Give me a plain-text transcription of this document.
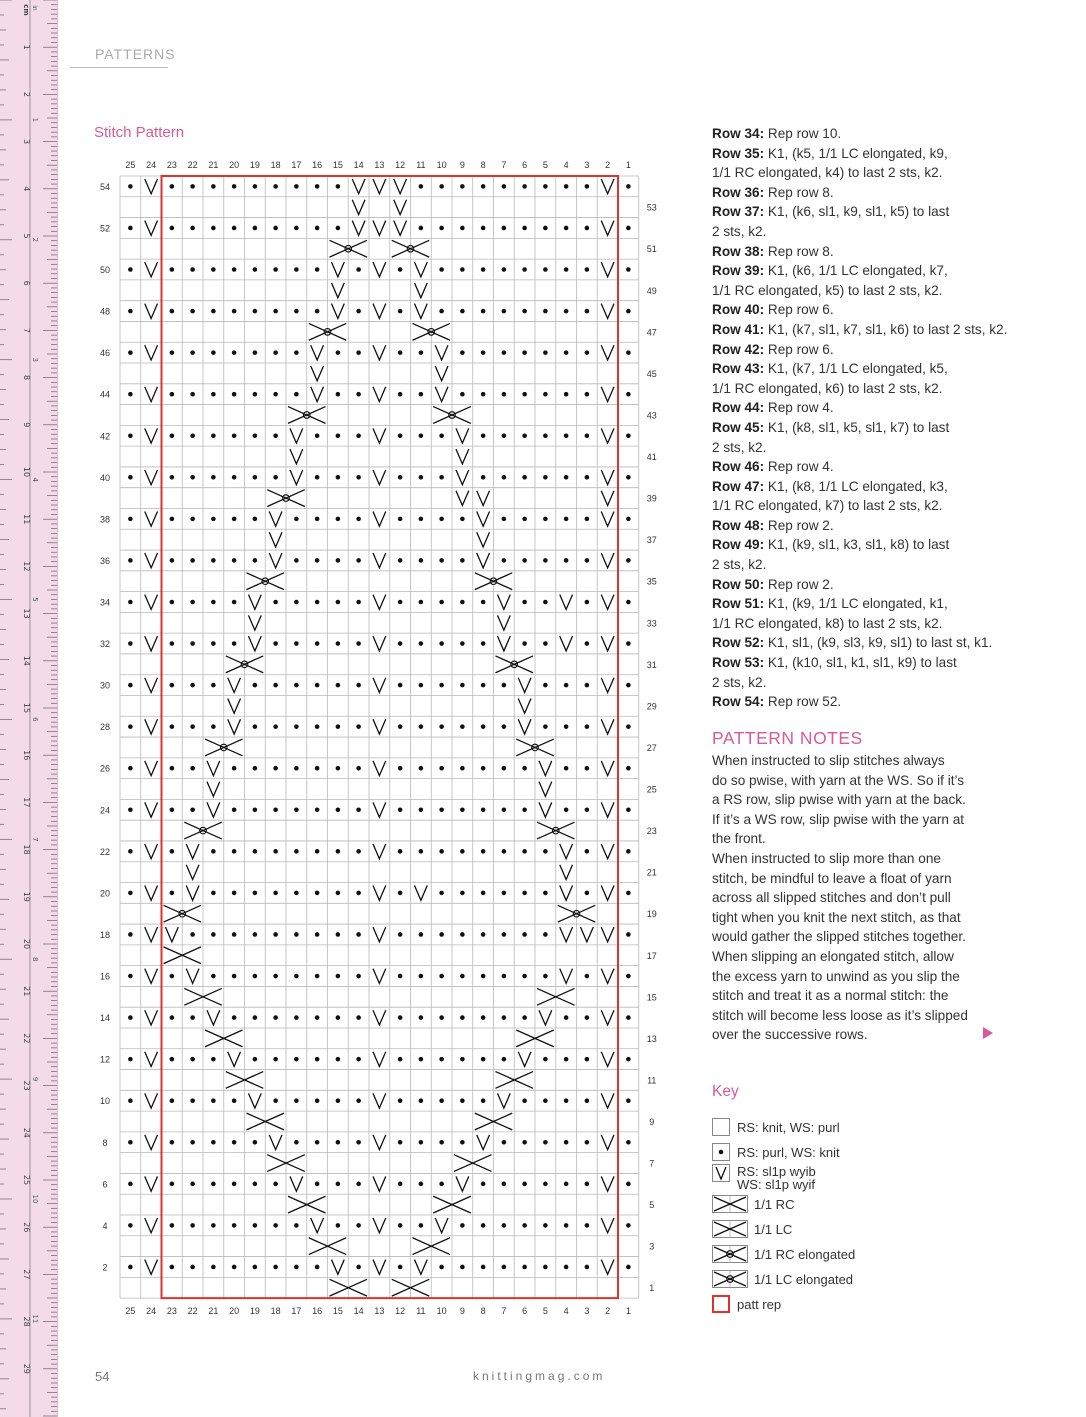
1
2
3
4
5
6
7
8
9
10
11
12
13
14
15
16
17
18
19
20
21
22
23
24
25
26
27
28
29
1
2
3
4
5
6
7
8
9
10
11
cm in
PATTERNS
Stitch Pattern
25
25
24
24
23
23
22
22
21
21
20
20
19
19
18
18
17
17
16
16
15
15
14
14
13
13
12
12
11
11
10
10
9
9
8
8
7
7
6
6
5
5
4
4
3
3
2
2
1
1
54
52
50
48
46
44
42
40
38
36
34
32
30
28
26
24
22
20
18
16
14
12
10
8
6
4
2
53
51
49
47
45
43
41
39
37
35
33
31
29
27
25
23
21
19
17
15
13
11
9
7
5
3
1
Row 34: Rep row 10.
Row 35: K1, (k5, 1/1 LC elongated, k9,
1/1 RC elongated, k4) to last 2 sts, k2.
Row 36: Rep row 8.
Row 37: K1, (k6, sl1, k9, sl1, k5) to last
2 sts, k2.
Row 38: Rep row 8.
Row 39: K1, (k6, 1/1 LC elongated, k7,
1/1 RC elongated, k5) to last 2 sts, k2.
Row 40: Rep row 6.
Row 41: K1, (k7, sl1, k7, sl1, k6) to last 2 sts, k2.
Row 42: Rep row 6.
Row 43: K1, (k7, 1/1 LC elongated, k5,
1/1 RC elongated, k6) to last 2 sts, k2.
Row 44: Rep row 4.
Row 45: K1, (k8, sl1, k5, sl1, k7) to last
2 sts, k2.
Row 46: Rep row 4.
Row 47: K1, (k8, 1/1 LC elongated, k3,
1/1 RC elongated, k7) to last 2 sts, k2.
Row 48: Rep row 2.
Row 49: K1, (k9, sl1, k3, sl1, k8) to last
2 sts, k2.
Row 50: Rep row 2.
Row 51: K1, (k9, 1/1 LC elongated, k1,
1/1 RC elongated, k8) to last 2 sts, k2.
Row 52: K1, sl1, (k9, sl3, k9, sl1) to last st, k1.
Row 53: K1, (k10, sl1, k1, sl1, k9) to last
2 sts, k2.
Row 54: Rep row 52.
PATTERN NOTES
When instructed to slip stitches always
do so pwise, with yarn at the WS. So if it’s
a RS row, slip pwise with yarn at the back.
If it’s a WS row, slip pwise with the yarn at
the front.
When instructed to slip more than one
stitch, be mindful to leave a float of yarn
across all slipped stitches and don’t pull
tight when you knit the next stitch, as that
would gather the slipped stitches together.
When slipping an elongated stitch, allow
the excess yarn to unwind as you slip the
stitch and treat it as a normal stitch: the
stitch will become less loose as it’s slipped
over the successive rows.
Key
RS: knit, WS: purl
RS: purl, WS: knit
RS: sl1p wyib
WS: sl1p wyif
1/1 RC
1/1 LC
1/1 RC elongated
1/1 LC elongated
patt rep
54	knittingmag.com
